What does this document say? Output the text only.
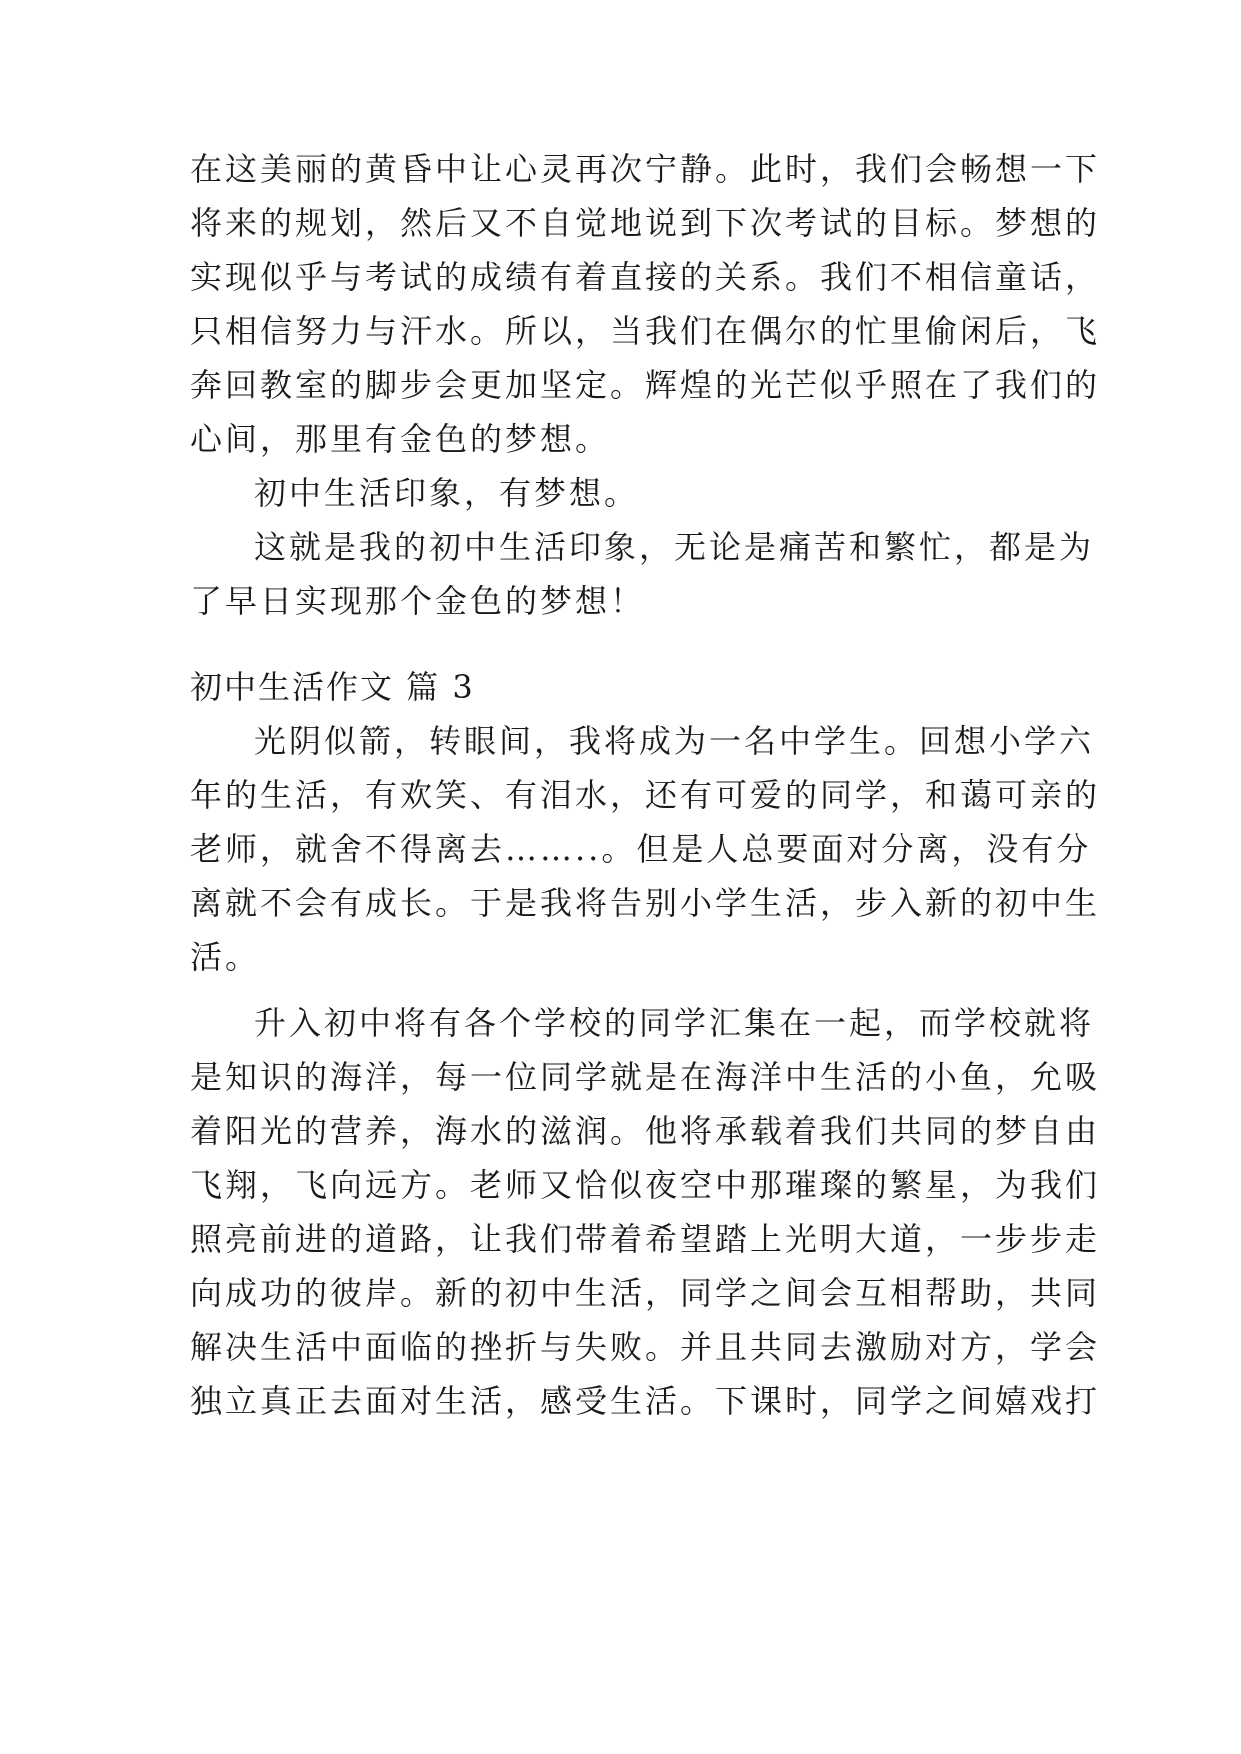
在这美丽的黄昏中让心灵再次宁静。此时，我们会畅想一下
将来的规划，然后又不自觉地说到下次考试的目标。梦想的
实现似乎与考试的成绩有着直接的关系。我们不相信童话，
只相信努力与汗水。所以，当我们在偶尔的忙里偷闲后，飞
奔回教室的脚步会更加坚定。辉煌的光芒似乎照在了我们的
心间，那里有金色的梦想。
初中生活印象，有梦想。
这就是我的初中生活印象，无论是痛苦和繁忙，都是为
了早日实现那个金色的梦想！
初中生活作文 篇 3
光阴似箭，转眼间，我将成为一名中学生。回想小学六
年的生活，有欢笑、有泪水，还有可爱的同学，和蔼可亲的
老师，就舍不得离去……..。但是人总要面对分离，没有分
离就不会有成长。于是我将告别小学生活，步入新的初中生
活。
升入初中将有各个学校的同学汇集在一起，而学校就将
是知识的海洋，每一位同学就是在海洋中生活的小鱼，允吸
着阳光的营养，海水的滋润。他将承载着我们共同的梦自由
飞翔，飞向远方。老师又恰似夜空中那璀璨的繁星，为我们
照亮前进的道路，让我们带着希望踏上光明大道，一步步走
向成功的彼岸。新的初中生活，同学之间会互相帮助，共同
解决生活中面临的挫折与失败。并且共同去激励对方，学会
独立真正去面对生活，感受生活。下课时，同学之间嬉戏打
